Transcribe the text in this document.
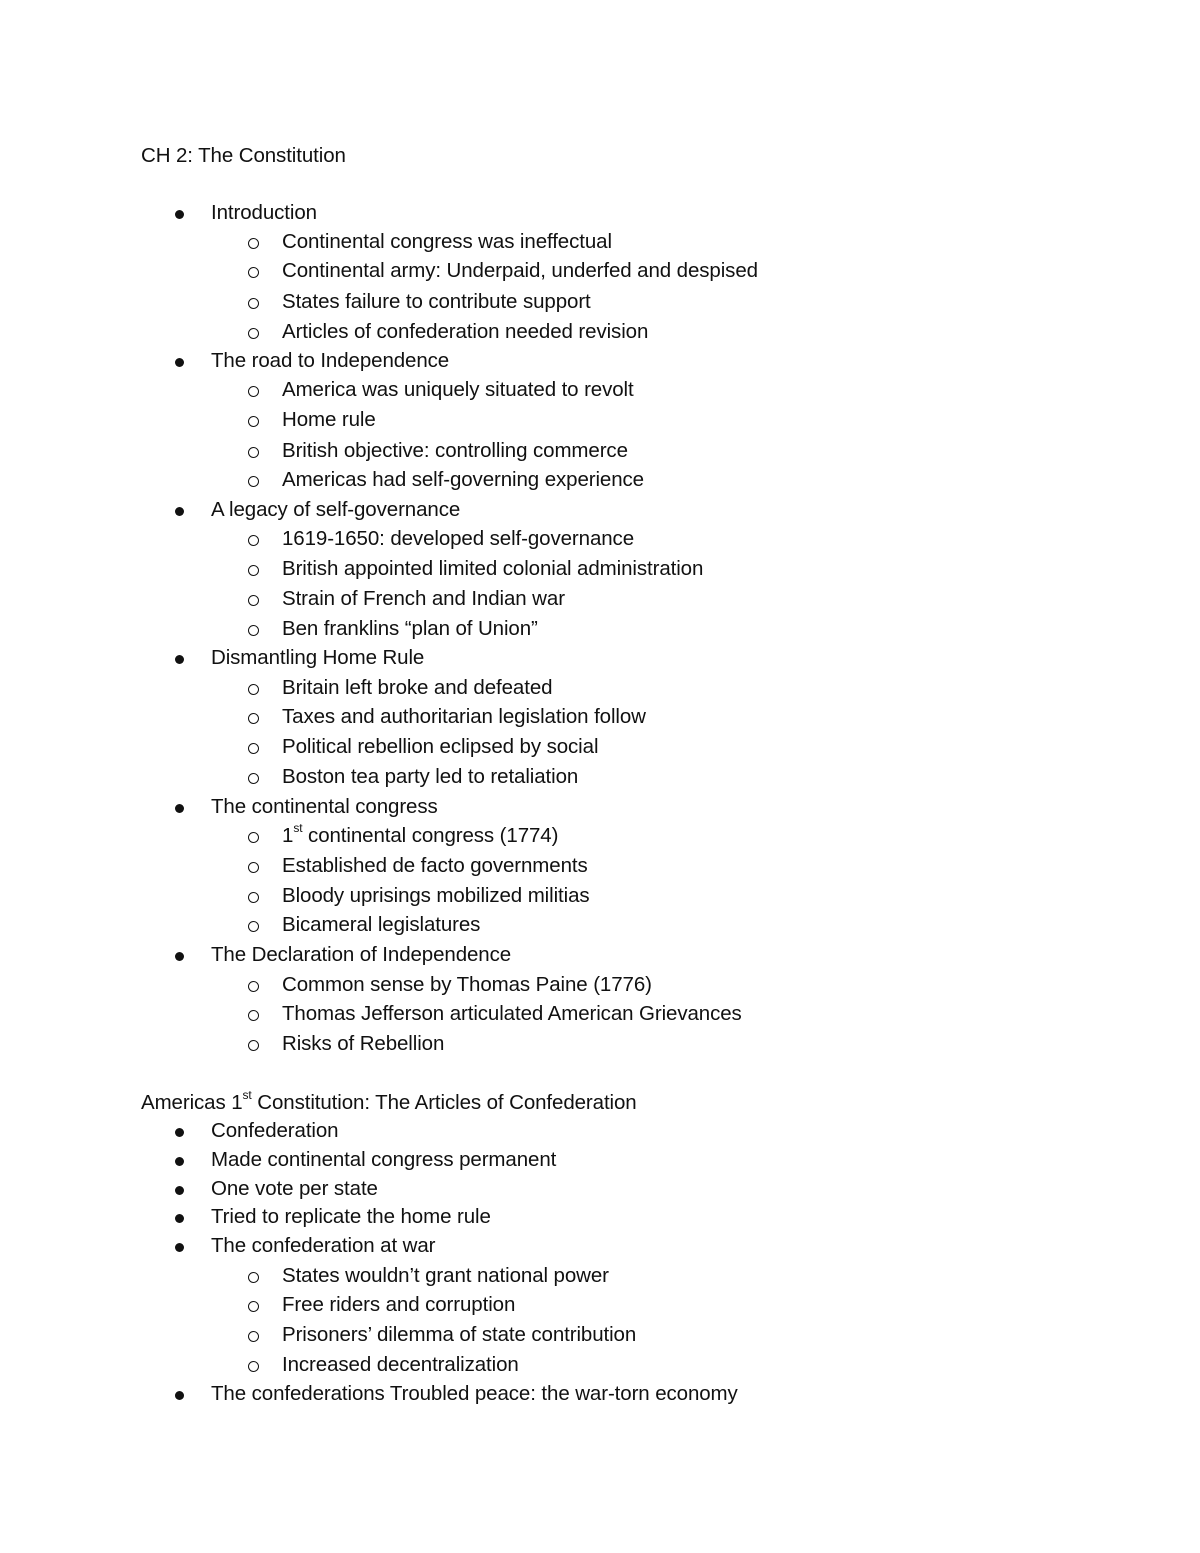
CH 2: The Constitution
Introduction
Continental congress was ineffectual
Continental army: Underpaid, underfed and despised
States failure to contribute support
Articles of confederation needed revision
The road to Independence
America was uniquely situated to revolt
Home rule
British objective: controlling commerce
Americas had self-governing experience
A legacy of self-governance
1619-1650: developed self-governance
British appointed limited colonial administration
Strain of French and Indian war
Ben franklins “plan of Union”
Dismantling Home Rule
Britain left broke and defeated
Taxes and authoritarian legislation follow
Political rebellion eclipsed by social
Boston tea party led to retaliation
The continental congress
1st continental congress (1774)
Established de facto governments
Bloody uprisings mobilized militias
Bicameral legislatures
The Declaration of Independence
Common sense by Thomas Paine (1776)
Thomas Jefferson articulated American Grievances
Risks of Rebellion
Americas 1st Constitution: The Articles of Confederation
Confederation
Made continental congress permanent
One vote per state
Tried to replicate the home rule
The confederation at war
States wouldn’t grant national power
Free riders and corruption
Prisoners’ dilemma of state contribution
Increased decentralization
The confederations Troubled peace: the war-torn economy
